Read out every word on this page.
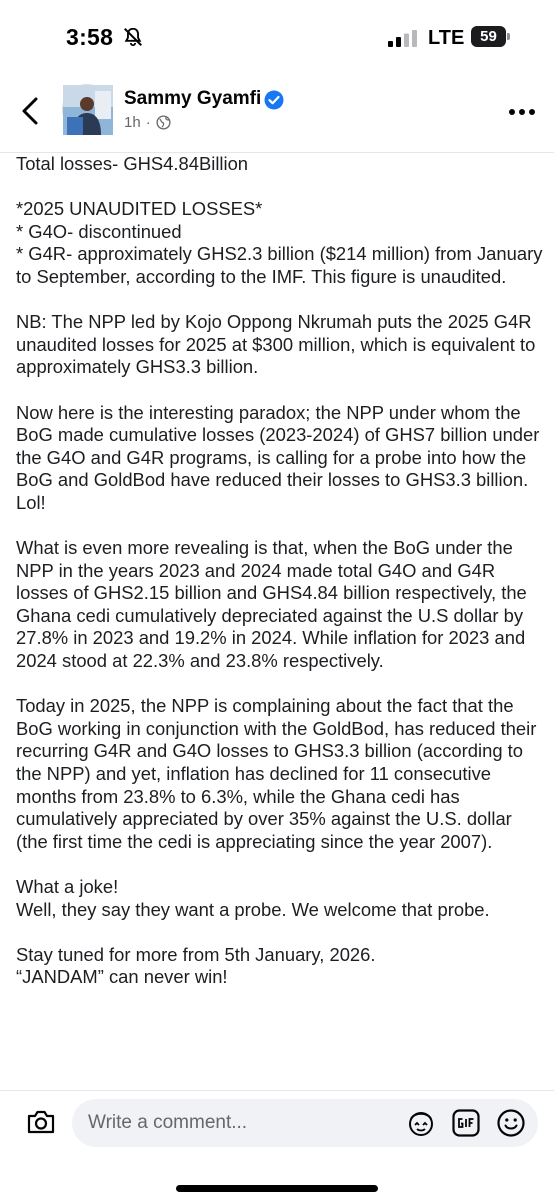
3:58	LTE	59
Sammy Gyamfi
1h ·

Total losses- GHS4.84Billion

*2025 UNAUDITED LOSSES*
* G4O- discontinued
* G4R- approximately GHS2.3 billion ($214 million) from January to September, according to the IMF. This figure is unaudited.

NB: The NPP led by Kojo Oppong Nkrumah puts the 2025 G4R unaudited losses for 2025 at $300 million, which is equivalent to approximately GHS3.3 billion.

Now here is the interesting paradox; the NPP under whom the BoG made cumulative losses (2023-2024) of GHS7 billion under the G4O and G4R programs, is calling for a probe into how the BoG and GoldBod have reduced their losses to GHS3.3 billion. Lol!

What is even more revealing is that, when the BoG under the NPP in the years 2023 and 2024 made total G4O and G4R losses of GHS2.15 billion and GHS4.84 billion respectively, the Ghana cedi cumulatively depreciated against the U.S dollar by 27.8% in 2023 and 19.2% in 2024. While inflation for 2023 and 2024 stood at 22.3% and 23.8% respectively.

Today in 2025, the NPP is complaining about the fact that the BoG working in conjunction with the GoldBod, has reduced their recurring G4R and G4O losses to GHS3.3 billion (according to the NPP) and yet, inflation has declined for 11 consecutive months from 23.8% to 6.3%, while the Ghana cedi has cumulatively appreciated by over 35% against the U.S. dollar (the first time the cedi is appreciating since the year 2007).

What a joke!
Well, they say they want a probe. We welcome that probe.

Stay tuned for more from 5th January, 2026.
“JANDAM” can never win!

Write a comment...
